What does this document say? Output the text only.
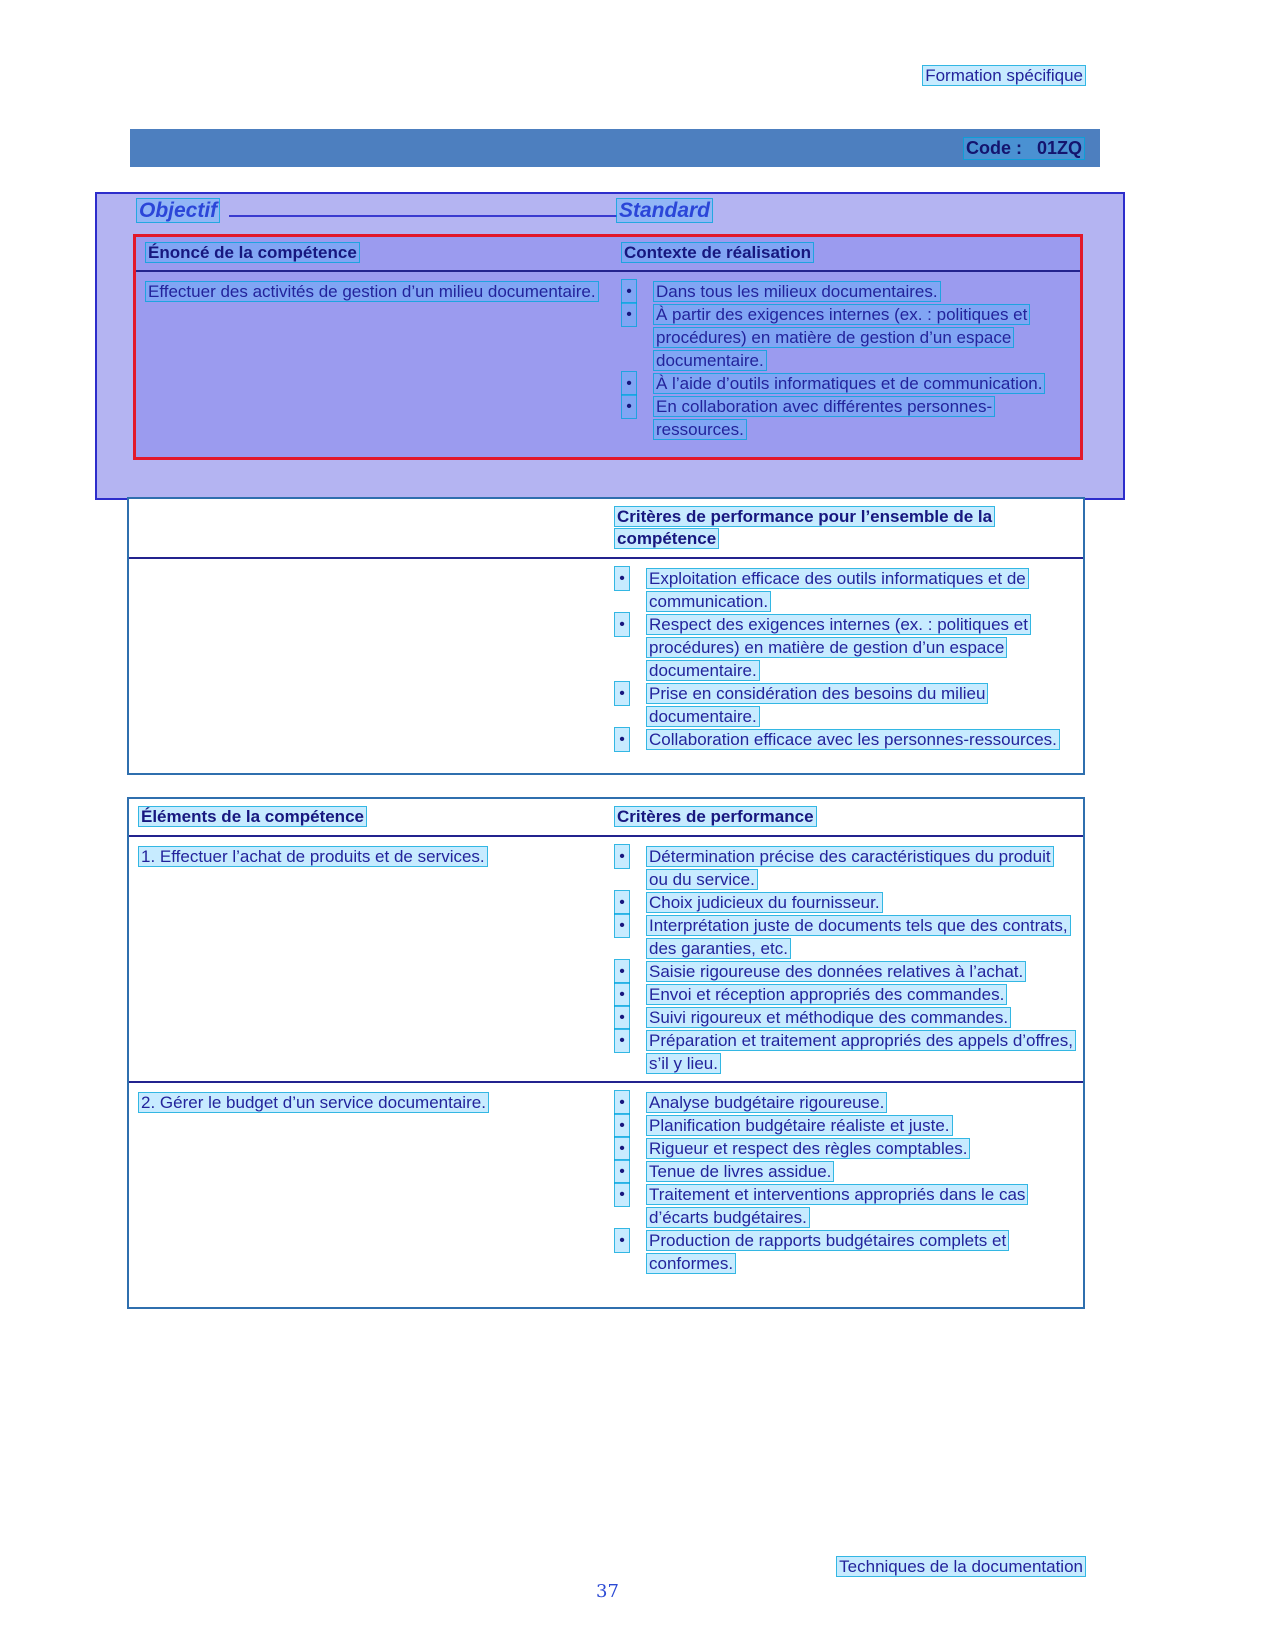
Formation spécifique
Code :   01ZQ
Objectif	Standard
Énoncé de la compétence	Contexte de réalisation
Effectuer des activités de gestion d’un milieu documentaire.	• Dans tous les milieux documentaires.
• À partir des exigences internes (ex. : politiques et procédures) en matière de gestion d’un espace documentaire.
• À l’aide d’outils informatiques et de communication.
• En collaboration avec différentes personnes-ressources.
Critères de performance pour l’ensemble de la compétence
• Exploitation efficace des outils informatiques et de communication.
• Respect des exigences internes (ex. : politiques et procédures) en matière de gestion d’un espace documentaire.
• Prise en considération des besoins du milieu documentaire.
• Collaboration efficace avec les personnes-ressources.
Éléments de la compétence	Critères de performance
1. Effectuer l’achat de produits et de services.	• Détermination précise des caractéristiques du produit ou du service.
• Choix judicieux du fournisseur.
• Interprétation juste de documents tels que des contrats, des garanties, etc.
• Saisie rigoureuse des données relatives à l’achat.
• Envoi et réception appropriés des commandes.
• Suivi rigoureux et méthodique des commandes.
• Préparation et traitement appropriés des appels d’offres, s’il y lieu.
2. Gérer le budget d’un service documentaire.	• Analyse budgétaire rigoureuse.
• Planification budgétaire réaliste et juste.
• Rigueur et respect des règles comptables.
• Tenue de livres assidue.
• Traitement et interventions appropriés dans le cas d’écarts budgétaires.
• Production de rapports budgétaires complets et conformes.
Techniques de la documentation
37
